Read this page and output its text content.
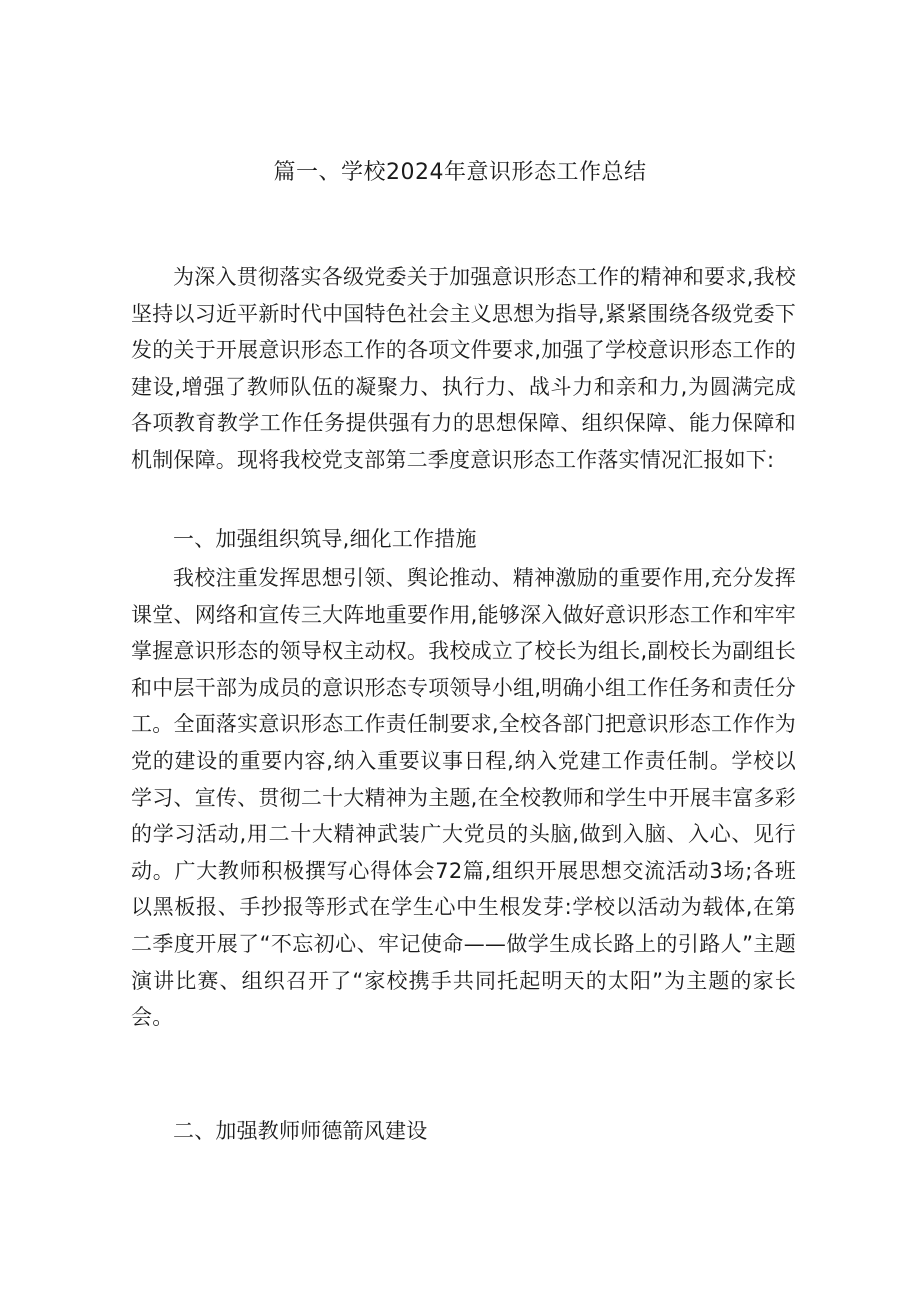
篇一、学校2024年意识形态工作总结

为深入贯彻落实各级党委关于加强意识形态工作的精神和要求,我校坚持以习近平新时代中国特色社会主义思想为指导,紧紧围绕各级党委下发的关于开展意识形态工作的各项文件要求,加强了学校意识形态工作的建设,增强了教师队伍的凝聚力、执行力、战斗力和亲和力,为圆满完成各项教育教学工作任务提供强有力的思想保障、组织保障、能力保障和机制保障。现将我校党支部第二季度意识形态工作落实情况汇报如下:

一、加强组织筑导,细化工作措施

我校注重发挥思想引领、舆论推动、精神激励的重要作用,充分发挥课堂、网络和宣传三大阵地重要作用,能够深入做好意识形态工作和牢牢掌握意识形态的领导权主动权。我校成立了校长为组长,副校长为副组长和中层干部为成员的意识形态专项领导小组,明确小组工作任务和责任分工。全面落实意识形态工作责任制要求,全校各部门把意识形态工作作为党的建设的重要内容,纳入重要议事日程,纳入党建工作责任制。学校以学习、宣传、贯彻二十大精神为主题,在全校教师和学生中开展丰富多彩的学习活动,用二十大精神武装广大党员的头脑,做到入脑、入心、见行动。广大教师积极撰写心得体会72篇,组织开展思想交流活动3场;各班以黑板报、手抄报等形式在学生心中生根发芽:学校以活动为载体,在第二季度开展了“不忘初心、牢记使命——做学生成长路上的引路人”主题演讲比赛、组织召开了“家校携手共同托起明天的太阳”为主题的家长会。

二、加强教师师德箭风建设
